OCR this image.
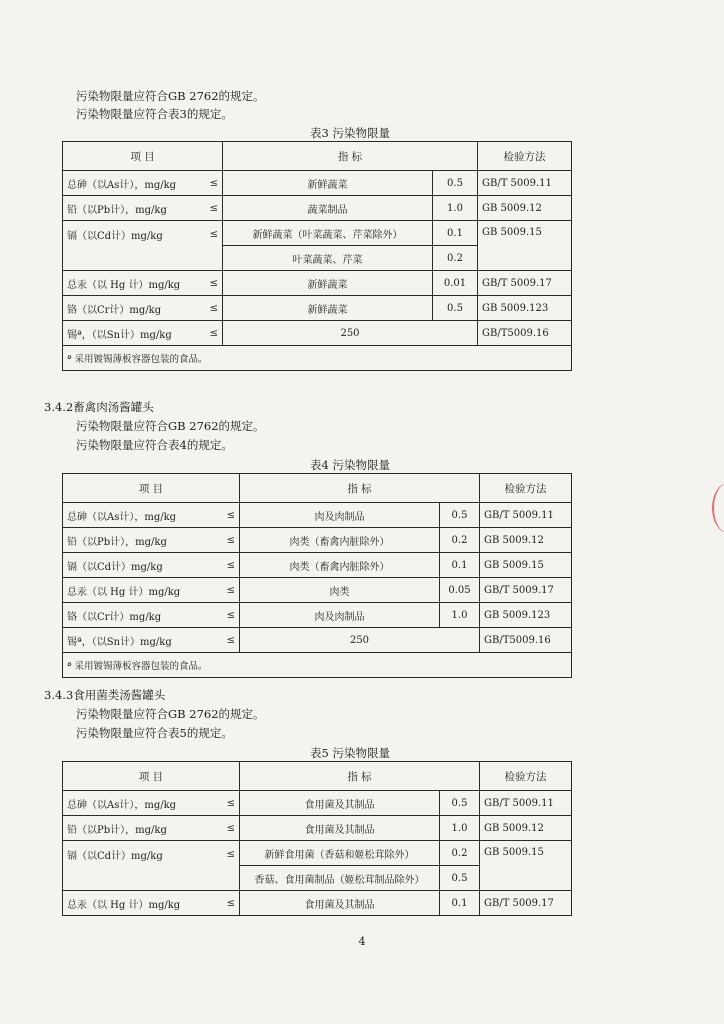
污染物限量应符合GB 2762的规定。
污染物限量应符合表3的规定。
表3 污染物限量
项 目	指 标		检验方法

总砷（以As计），mg/kg ≤	新鲜蔬菜	0.5	GB/T 5009.11

铅（以Pb计），mg/kg ≤	蔬菜制品	1.0	GB 5009.12

镉（以Cd计）mg/kg ≤	新鲜蔬菜（叶菜蔬菜、芹菜除外）	0.1	GB 5009.15
	叶菜蔬菜、芹菜	0.2	

总汞（以 Hg 计）mg/kg ≤	新鲜蔬菜	0.01	GB/T 5009.17

铬（以Cr计）mg/kg ≤	新鲜蔬菜	0.5	GB 5009.123

锡ª，（以Sn计）mg/kg ≤	250		GB/T5009.16
ª 采用镀锡薄板容器包装的食品。			
3.4.2畜禽肉汤酱罐头
污染物限量应符合GB 2762的规定。
污染物限量应符合表4的规定。
表4 污染物限量
项 目	指 标		检验方法

总砷（以As计），mg/kg ≤	肉及肉制品	0.5	GB/T 5009.11

铅（以Pb计），mg/kg ≤	肉类（畜禽内脏除外）	0.2	GB 5009.12

镉（以Cd计）mg/kg ≤	肉类（畜禽内脏除外）	0.1	GB 5009.15

总汞（以 Hg 计）mg/kg ≤	肉类	0.05	GB/T 5009.17

铬（以Cr计）mg/kg ≤	肉及肉制品	1.0	GB 5009.123

锡ª，（以Sn计）mg/kg ≤	250		GB/T5009.16
ª 采用镀锡薄板容器包装的食品。			
3.4.3食用菌类汤酱罐头
污染物限量应符合GB 2762的规定。
污染物限量应符合表5的规定。
表5 污染物限量
项 目	指 标		检验方法

总砷（以As计），mg/kg ≤	食用菌及其制品	0.5	GB/T 5009.11

铅（以Pb计），mg/kg ≤	食用菌及其制品	1.0	GB 5009.12

镉（以Cd计）mg/kg ≤	新鲜食用菌（香菇和姬松茸除外）	0.2	GB 5009.15
	香菇、食用菌制品（姬松茸制品除外）	0.5	

总汞（以 Hg 计）mg/kg ≤	食用菌及其制品	0.1	GB/T 5009.17
4
